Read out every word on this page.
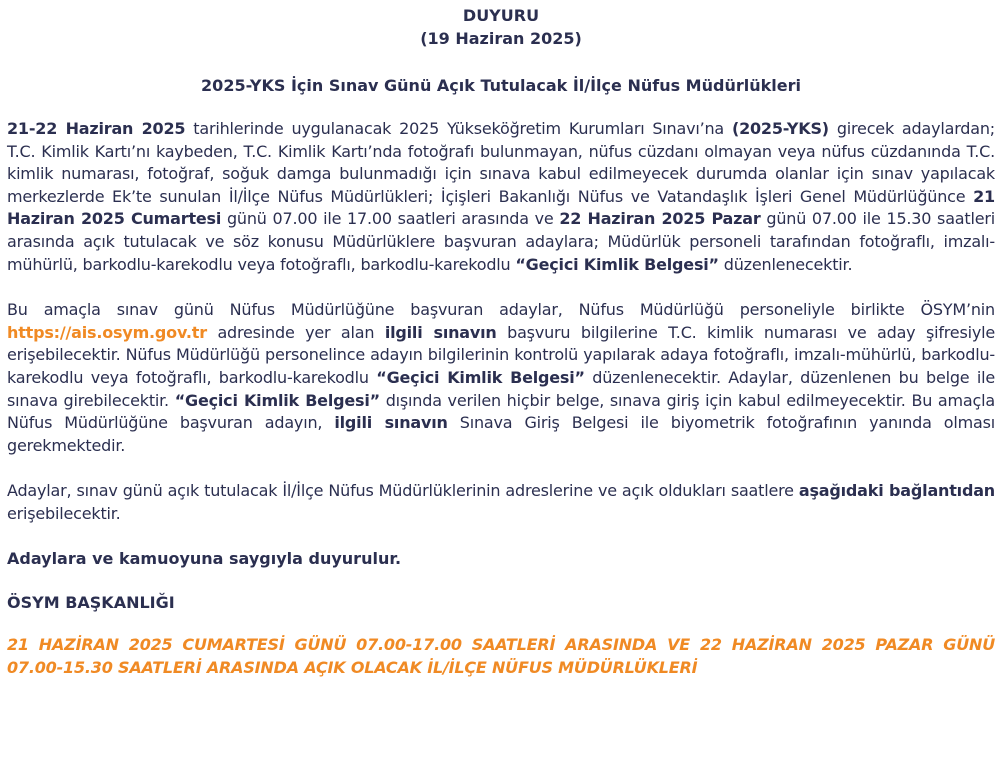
DUYURU
(19 Haziran 2025)
2025-YKS İçin Sınav Günü Açık Tutulacak İl/İlçe Nüfus Müdürlükleri

21-22 Haziran 2025 tarihlerinde uygulanacak 2025 Yükseköğretim Kurumları Sınavı’na (2025-YKS) girecek adaylardan; T.C. Kimlik Kartı’nı kaybeden, T.C. Kimlik Kartı’nda fotoğrafı bulunmayan, nüfus cüzdanı olmayan veya nüfus cüzdanında T.C. kimlik numarası, fotoğraf, soğuk damga bulunmadığı için sınava kabul edilmeyecek durumda olanlar için sınav yapılacak merkezlerde Ek’te sunulan İl/İlçe Nüfus Müdürlükleri; İçişleri Bakanlığı Nüfus ve Vatandaşlık İşleri Genel Müdürlüğünce 21 Haziran 2025 Cumartesi günü 07.00 ile 17.00 saatleri arasında ve 22 Haziran 2025 Pazar günü 07.00 ile 15.30 saatleri arasında açık tutulacak ve söz konusu Müdürlüklere başvuran adaylara; Müdürlük personeli tarafından fotoğraflı, imzalı-mühürlü, barkodlu-karekodlu veya fotoğraflı, barkodlu-karekodlu “Geçici Kimlik Belgesi” düzenlenecektir.

Bu amaçla sınav günü Nüfus Müdürlüğüne başvuran adaylar, Nüfus Müdürlüğü personeliyle birlikte ÖSYM’nin https://ais.osym.gov.tr adresinde yer alan ilgili sınavın başvuru bilgilerine T.C. kimlik numarası ve aday şifresiyle erişebilecektir. Nüfus Müdürlüğü personelince adayın bilgilerinin kontrolü yapılarak adaya fotoğraflı, imzalı-mühürlü, barkodlu-karekodlu veya fotoğraflı, barkodlu-karekodlu “Geçici Kimlik Belgesi” düzenlenecektir. Adaylar, düzenlenen bu belge ile sınava girebilecektir. “Geçici Kimlik Belgesi” dışında verilen hiçbir belge, sınava giriş için kabul edilmeyecektir. Bu amaçla Nüfus Müdürlüğüne başvuran adayın, ilgili sınavın Sınava Giriş Belgesi ile biyometrik fotoğrafının yanında olması gerekmektedir.

Adaylar, sınav günü açık tutulacak İl/İlçe Nüfus Müdürlüklerinin adreslerine ve açık oldukları saatlere aşağıdaki bağlantıdan erişebilecektir.

Adaylara ve kamuoyuna saygıyla duyurulur.
ÖSYM BAŞKANLIĞI
21 HAZİRAN 2025 CUMARTESİ GÜNÜ 07.00-17.00 SAATLERİ ARASINDA VE 22 HAZİRAN 2025 PAZAR GÜNÜ 07.00-15.30 SAATLERİ ARASINDA AÇIK OLACAK İL/İLÇE NÜFUS MÜDÜRLÜKLERİ
